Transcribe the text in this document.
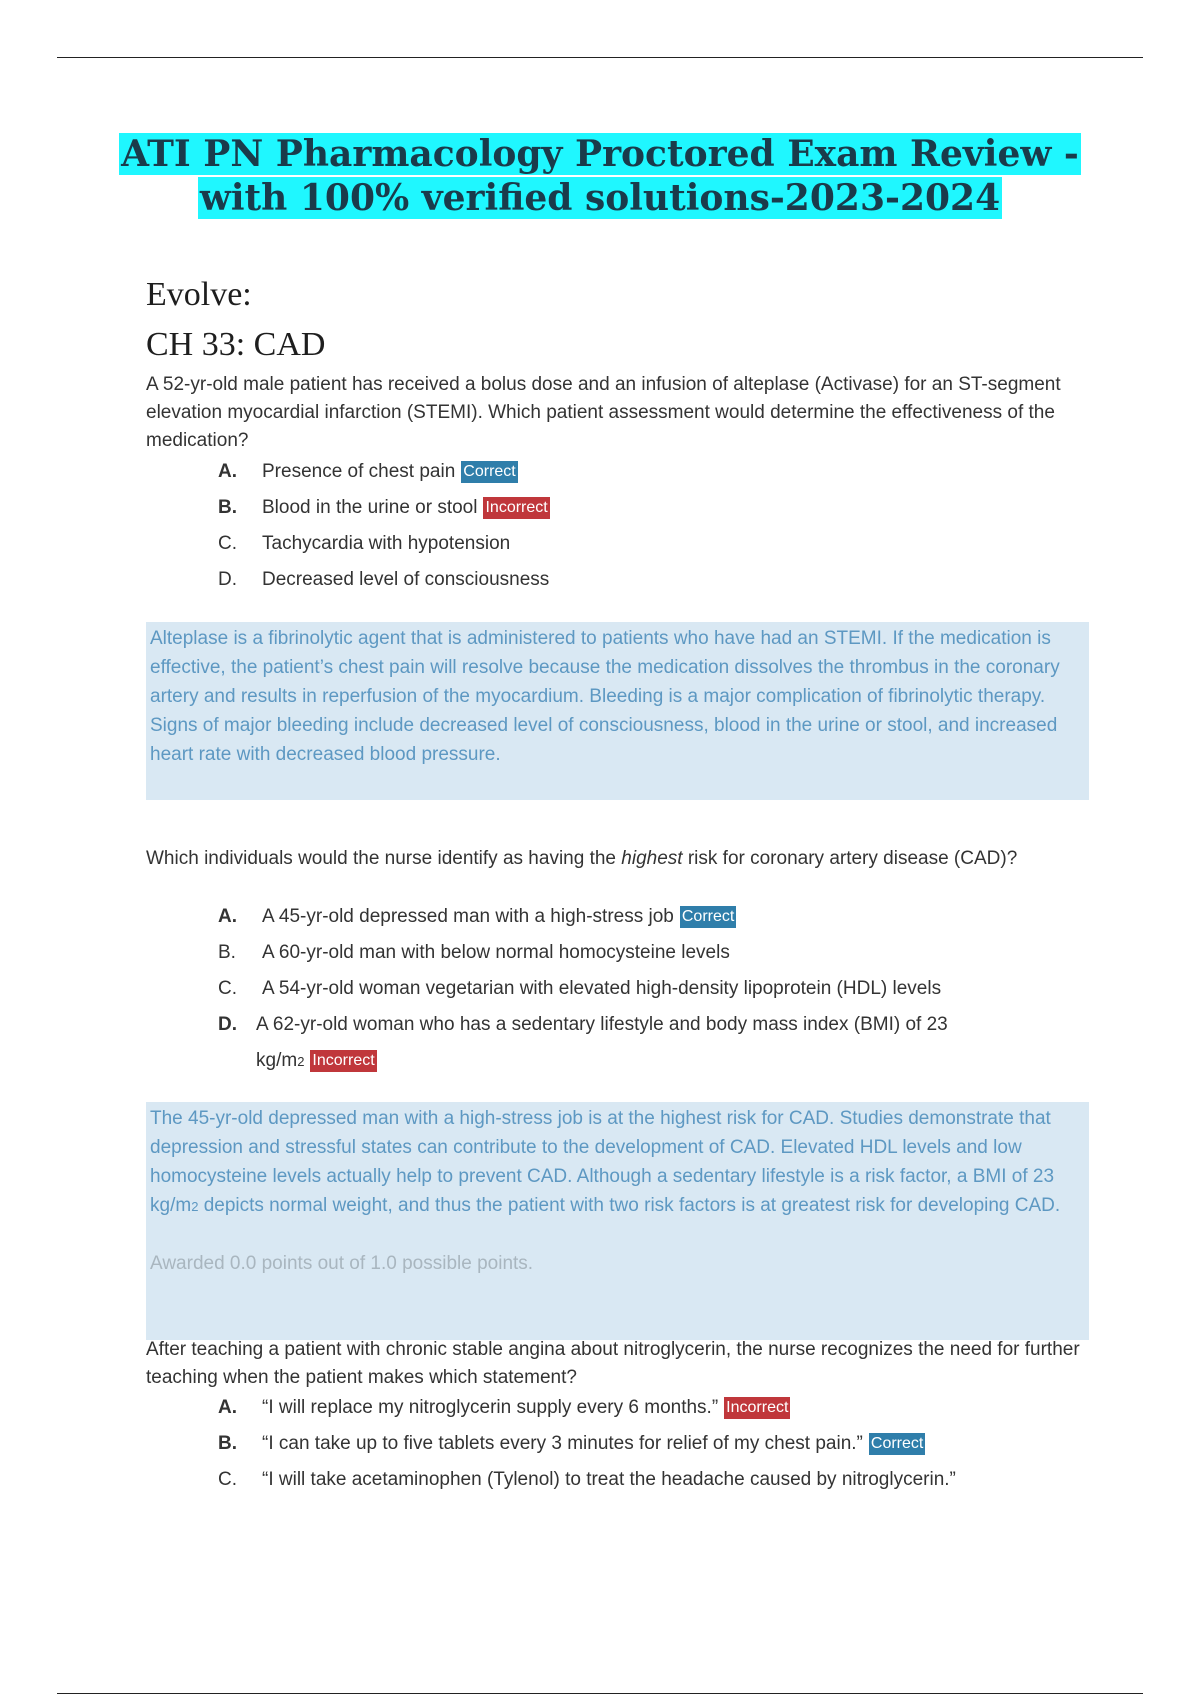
ATI PN Pharmacology Proctored Exam Review -
with 100% verified solutions-2023-2024
Evolve:
CH 33: CAD
A 52-yr-old male patient has received a bolus dose and an infusion of alteplase (Activase) for an ST-segment elevation myocardial infarction (STEMI). Which patient assessment would determine the effectiveness of the medication?
A.	Presence of chest pain Correct
B.	Blood in the urine or stool Incorrect
C.	Tachycardia with hypotension
D.	Decreased level of consciousness

Alteplase is a fibrinolytic agent that is administered to patients who have had an STEMI. If the medication is effective, the patient’s chest pain will resolve because the medication dissolves the thrombus in the coronary artery and results in reperfusion of the myocardium. Bleeding is a major complication of fibrinolytic therapy. Signs of major bleeding include decreased level of consciousness, blood in the urine or stool, and increased heart rate with decreased blood pressure.

Which individuals would the nurse identify as having the highest risk for coronary artery disease (CAD)?
A.	A 45-yr-old depressed man with a high-stress job Correct
B.	A 60-yr-old man with below normal homocysteine levels
C.	A 54-yr-old woman vegetarian with elevated high-density lipoprotein (HDL) levels
D.	A 62-yr-old woman who has a sedentary lifestyle and body mass index (BMI) of 23
kg/m2 Incorrect

The 45-yr-old depressed man with a high-stress job is at the highest risk for CAD. Studies demonstrate that depression and stressful states can contribute to the development of CAD. Elevated HDL levels and low homocysteine levels actually help to prevent CAD. Although a sedentary lifestyle is a risk factor, a BMI of 23 kg/m2 depicts normal weight, and thus the patient with two risk factors is at greatest risk for developing CAD.

Awarded 0.0 points out of 1.0 possible points.

After teaching a patient with chronic stable angina about nitroglycerin, the nurse recognizes the need for further teaching when the patient makes which statement?
A.	“I will replace my nitroglycerin supply every 6 months.” Incorrect
B.	“I can take up to five tablets every 3 minutes for relief of my chest pain.” Correct
C.	“I will take acetaminophen (Tylenol) to treat the headache caused by nitroglycerin.”
